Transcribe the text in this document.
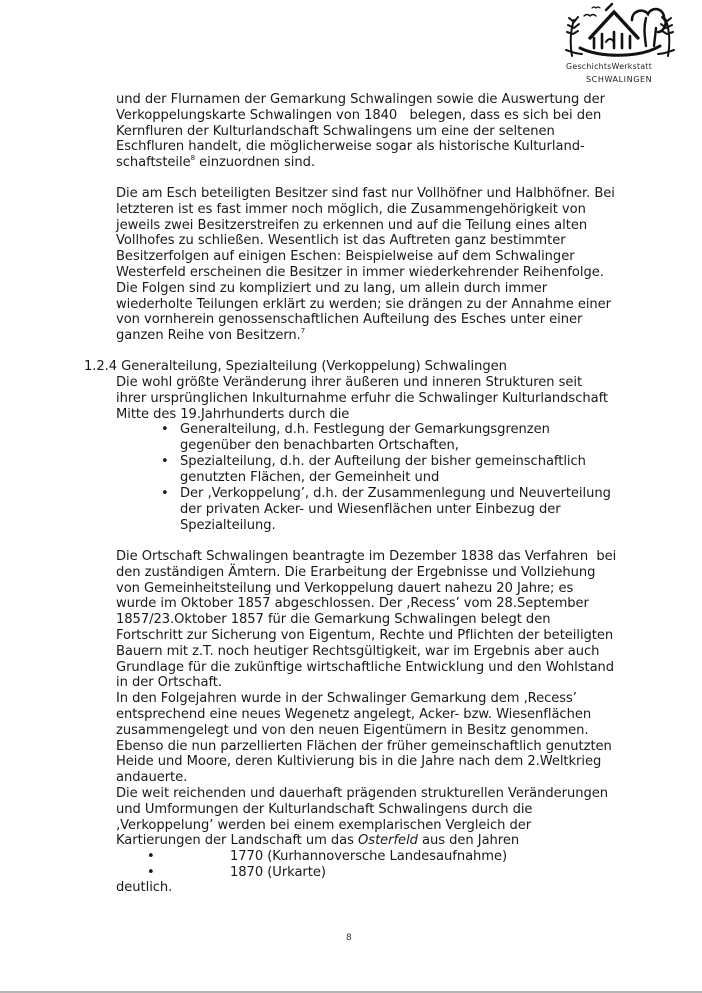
GeschichtsWerkstatt
SCHWALINGEN
und der Flurnamen der Gemarkung Schwalingen sowie die Auswertung der
Verkoppelungskarte Schwalingen von 1840   belegen, dass es sich bei den
Kernfluren der Kulturlandschaft Schwalingens um eine der seltenen
Eschfluren handelt, die möglicherweise sogar als historische Kulturland-
schaftsteile$^8$ einzuordnen sind.
Die am Esch beteiligten Besitzer sind fast nur Vollhöfner und Halbhöfner. Bei
letzteren ist es fast immer noch möglich, die Zusammengehörigkeit von
jeweils zwei Besitzerstreifen zu erkennen und auf die Teilung eines alten
Vollhofes zu schließen. Wesentlich ist das Auftreten ganz bestimmter
Besitzerfolgen auf einigen Eschen: Beispielweise auf dem Schwalinger
Westerfeld erscheinen die Besitzer in immer wiederkehrender Reihenfolge.
Die Folgen sind zu kompliziert und zu lang, um allein durch immer
wiederholte Teilungen erklärt zu werden; sie drängen zu der Annahme einer
von vornherein genossenschaftlichen Aufteilung des Esches unter einer
ganzen Reihe von Besitzern.$^7$
1.2.4 Generalteilung, Spezialteilung (Verkoppelung) Schwalingen
Die wohl größte Veränderung ihrer äußeren und inneren Strukturen seit
ihrer ursprünglichen Inkulturnahme erfuhr die Schwalinger Kulturlandschaft
Mitte des 19.Jahrhunderts durch die
• Generalteilung, d.h. Festlegung der Gemarkungsgrenzen
gegenüber den benachbarten Ortschaften,
• Spezialteilung, d.h. der Aufteilung der bisher gemeinschaftlich
genutzten Flächen, der Gemeinheit und
• Der ‚Verkoppelung’, d.h. der Zusammenlegung und Neuverteilung
der privaten Acker- und Wiesenflächen unter Einbezug der
Spezialteilung.
Die Ortschaft Schwalingen beantragte im Dezember 1838 das Verfahren  bei
den zuständigen Ämtern. Die Erarbeitung der Ergebnisse und Vollziehung
von Gemeinheitsteilung und Verkoppelung dauert nahezu 20 Jahre; es
wurde im Oktober 1857 abgeschlossen. Der ‚Recess’ vom 28.September
1857/23.Oktober 1857 für die Gemarkung Schwalingen belegt den
Fortschritt zur Sicherung von Eigentum, Rechte und Pflichten der beteiligten
Bauern mit z.T. noch heutiger Rechtsgültigkeit, war im Ergebnis aber auch
Grundlage für die zukünftige wirtschaftliche Entwicklung und den Wohlstand
in der Ortschaft.
In den Folgejahren wurde in der Schwalinger Gemarkung dem ‚Recess’
entsprechend eine neues Wegenetz angelegt, Acker- bzw. Wiesenflächen
zusammengelegt und von den neuen Eigentümern in Besitz genommen.
Ebenso die nun parzellierten Flächen der früher gemeinschaftlich genutzten
Heide und Moore, deren Kultivierung bis in die Jahre nach dem 2.Weltkrieg
andauerte.
Die weit reichenden und dauerhaft prägenden strukturellen Veränderungen
und Umformungen der Kulturlandschaft Schwalingens durch die
‚Verkoppelung’ werden bei einem exemplarischen Vergleich der
Kartierungen der Landschaft um das Osterfeld aus den Jahren
•	1770 (Kurhannoversche Landesaufnahme)
•	1870 (Urkarte)
deutlich.
8
